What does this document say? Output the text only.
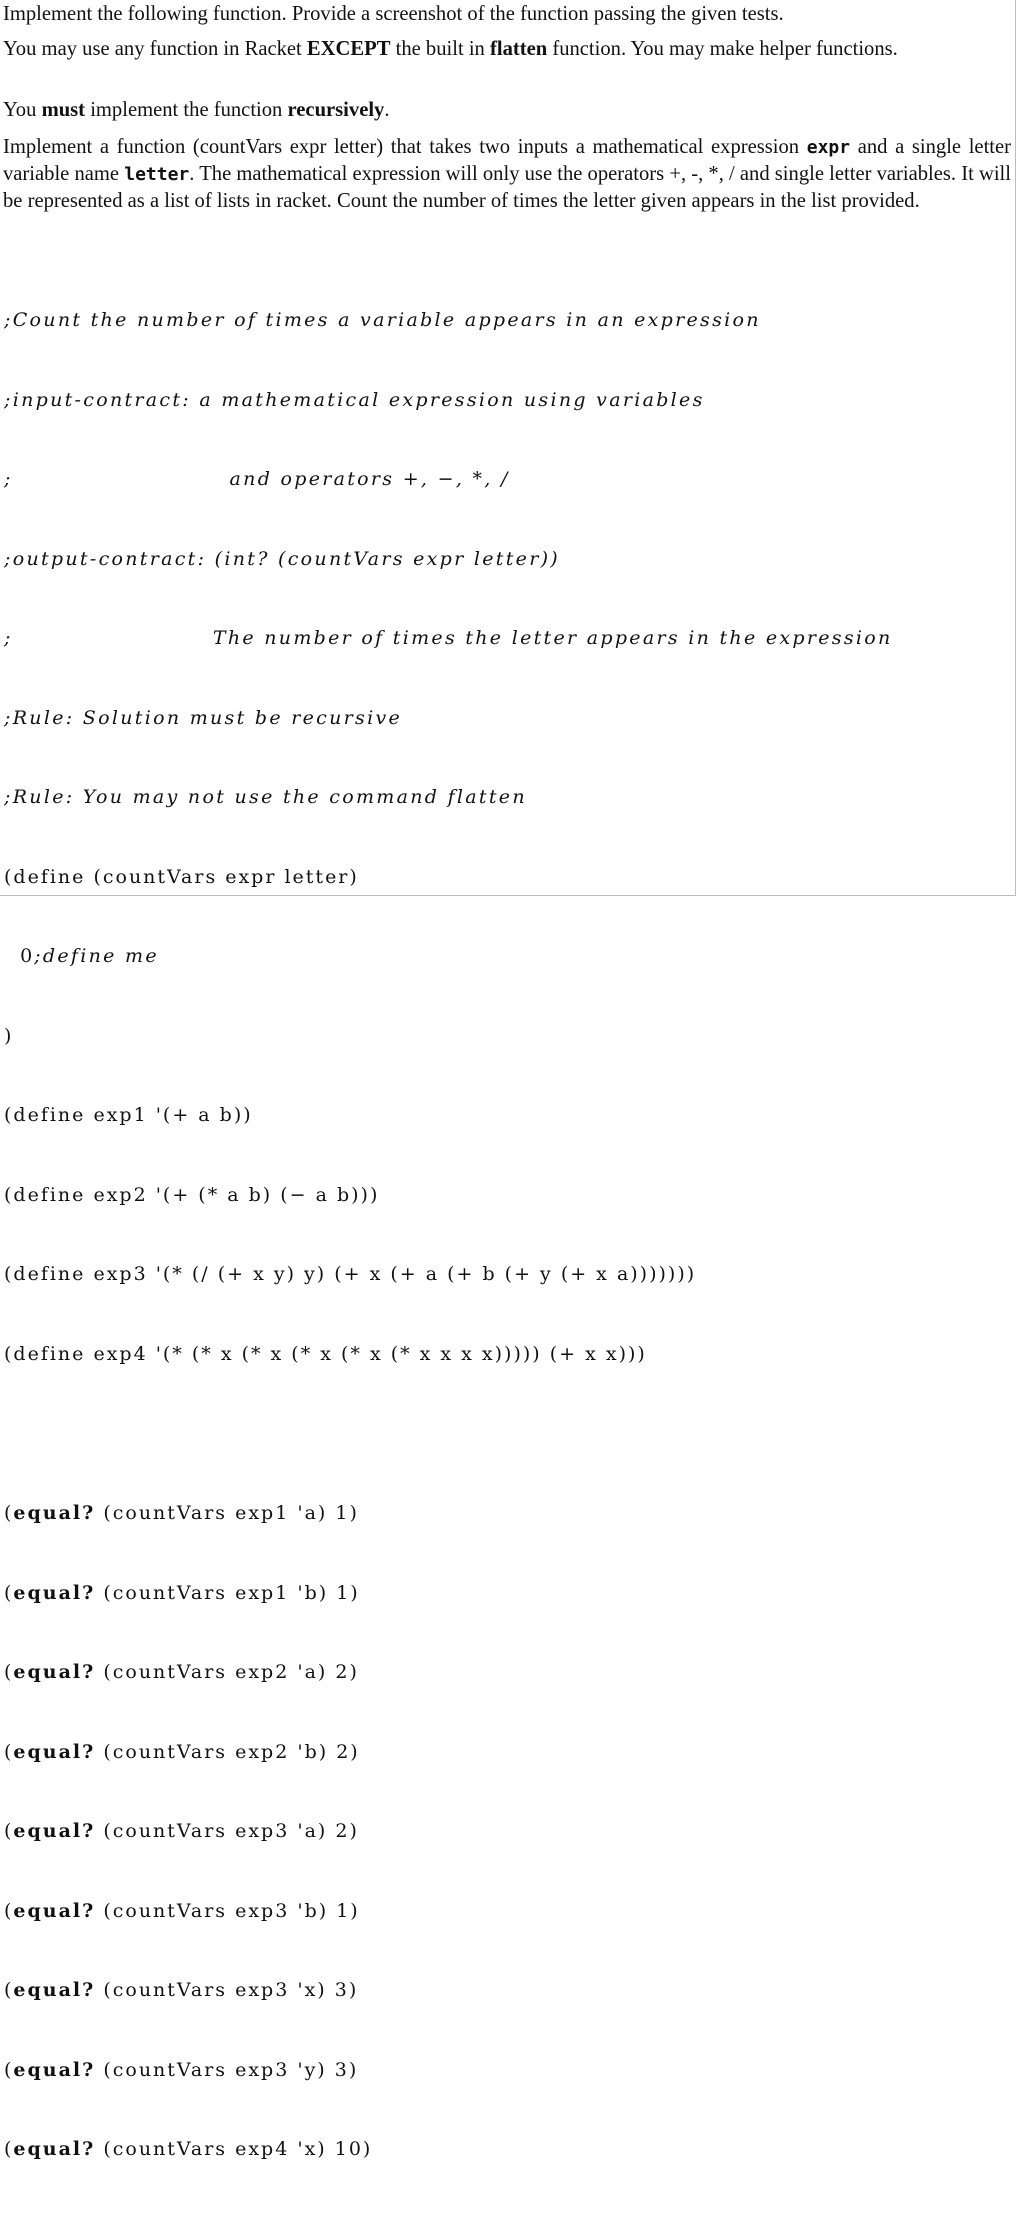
Implement the following function. Provide a screenshot of the function passing the given tests.

You may use any function in Racket EXCEPT the built in flatten function. You may make helper functions.

You must implement the function recursively.

Implement a function (countVars expr letter) that takes two inputs a mathematical expression expr and a single letter variable name letter. The mathematical expression will only use the operators +, -, *, / and single letter variables. It will be represented as a list of lists in racket. Count the number of times the letter given appears in the list provided.

;Count the number of times a variable appears in an expression

;input-contract: a mathematical expression using variables

;                          and operators +, −, *, /

;output-contract: (int? (countVars expr letter))

;                        The number of times the letter appears in the expression

;Rule: Solution must be recursive

;Rule: You may not use the command flatten

(define (countVars expr letter)

0;define me

)

(define exp1 '(+ a b))

(define exp2 '(+ (* a b) (− a b)))

(define exp3 '(* (/ (+ x y) y) (+ x (+ a (+ b (+ y (+ x a)))))))

(define exp4 '(* (* x (* x (* x (* x (* x x x x))))) (+ x x)))

(equal? (countVars exp1 'a) 1)

(equal? (countVars exp1 'b) 1)

(equal? (countVars exp2 'a) 2)

(equal? (countVars exp2 'b) 2)

(equal? (countVars exp3 'a) 2)

(equal? (countVars exp3 'b) 1)

(equal? (countVars exp3 'x) 3)

(equal? (countVars exp3 'y) 3)

(equal? (countVars exp4 'x) 10)
